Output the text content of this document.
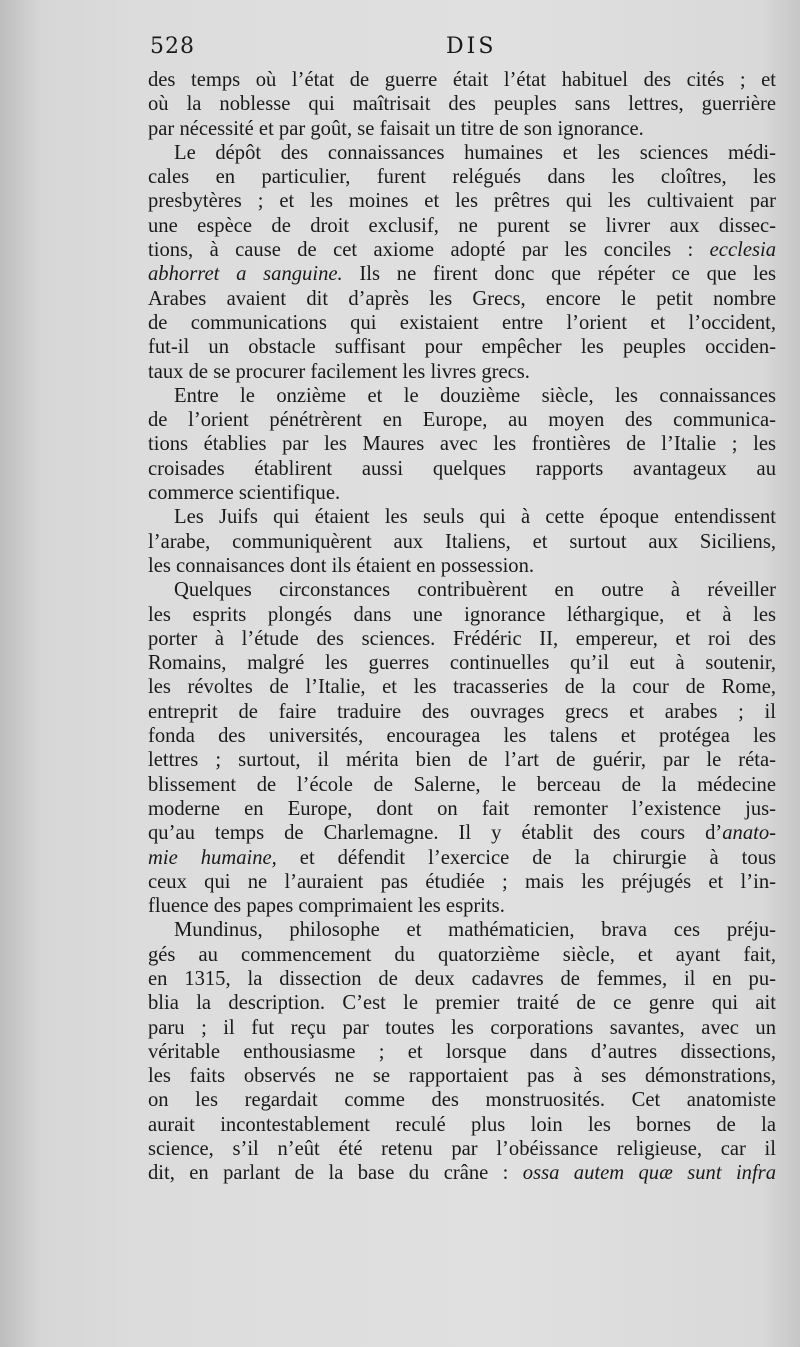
528	DIS
des temps où l’état de guerre était l’état habituel des cités ; et
où la noblesse qui maîtrisait des peuples sans lettres, guerrière
par nécessité et par goût, se faisait un titre de son ignorance.
Le dépôt des connaissances humaines et les sciences médi-
cales en particulier, furent relégués dans les cloîtres, les
presbytères ; et les moines et les prêtres qui les cultivaient par
une espèce de droit exclusif, ne purent se livrer aux dissec-
tions, à cause de cet axiome adopté par les conciles : ecclesia
abhorret a sanguine. Ils ne firent donc que répéter ce que les
Arabes avaient dit d’après les Grecs, encore le petit nombre
de communications qui existaient entre l’orient et l’occident,
fut-il un obstacle suffisant pour empêcher les peuples occiden-
taux de se procurer facilement les livres grecs.
Entre le onzième et le douzième siècle, les connaissances
de l’orient pénétrèrent en Europe, au moyen des communica-
tions établies par les Maures avec les frontières de l’Italie ; les
croisades établirent aussi quelques rapports avantageux au
commerce scientifique.
Les Juifs qui étaient les seuls qui à cette époque entendissent
l’arabe, communiquèrent aux Italiens, et surtout aux Siciliens,
les connaisances dont ils étaient en possession.
Quelques circonstances contribuèrent en outre à réveiller
les esprits plongés dans une ignorance léthargique, et à les
porter à l’étude des sciences. Frédéric II, empereur, et roi des
Romains, malgré les guerres continuelles qu’il eut à soutenir,
les révoltes de l’Italie, et les tracasseries de la cour de Rome,
entreprit de faire traduire des ouvrages grecs et arabes ; il
fonda des universités, encouragea les talens et protégea les
lettres ; surtout, il mérita bien de l’art de guérir, par le réta-
blissement de l’école de Salerne, le berceau de la médecine
moderne en Europe, dont on fait remonter l’existence jus-
qu’au temps de Charlemagne. Il y établit des cours d’anato-
mie humaine, et défendit l’exercice de la chirurgie à tous
ceux qui ne l’auraient pas étudiée ; mais les préjugés et l’in-
fluence des papes comprimaient les esprits.
Mundinus, philosophe et mathématicien, brava ces préju-
gés au commencement du quatorzième siècle, et ayant fait,
en 1315, la dissection de deux cadavres de femmes, il en pu-
blia la description. C’est le premier traité de ce genre qui ait
paru ; il fut reçu par toutes les corporations savantes, avec un
véritable enthousiasme ; et lorsque dans d’autres dissections,
les faits observés ne se rapportaient pas à ses démonstrations,
on les regardait comme des monstruosités. Cet anatomiste
aurait incontestablement reculé plus loin les bornes de la
science, s’il n’eût été retenu par l’obéissance religieuse, car il
dit, en parlant de la base du crâne : ossa autem quæ sunt infra
